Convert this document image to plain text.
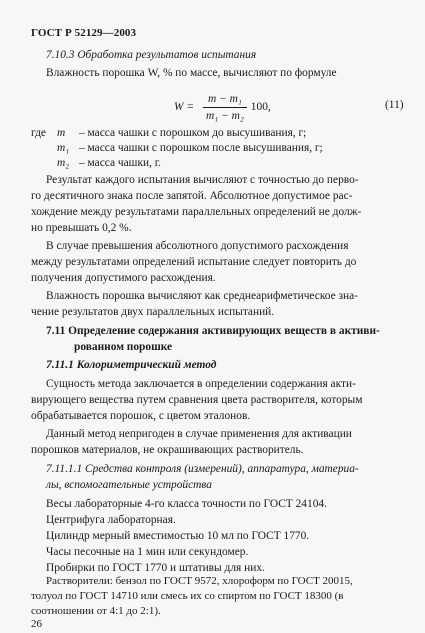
ГОСТ Р 52129—2003
7.10.3 Обработка результатов испытания
Влажность порошка W, % по массе, вычисляют по формуле
$W = \frac{\text{m − m₁}}{\text{m₁ − m₂}} 100$,	(11)
где m	– масса чашки с порошком до высушивания, г;
m₁ – масса чашки с порошком после высушивания, г;
m₂ – масса чашки, г.
Результат каждого испытания вычисляют с точностью до перво-
го десятичного знака после запятой. Абсолютное допустимое рас-
хождение между результатами параллельных определений не долж-
но превышать 0,2 %.
В случае превышения абсолютного допустимого расхождения
между результатами определений испытание следует повторить до
получения допустимого расхождения.
Влажность порошка вычисляют как среднеарифметическое зна-
чение результатов двух параллельных испытаний.
7.11 Определение содержания активирующих веществ в активи-
рованном порошке
7.11.1 Колориметрический метод
Сущность метода заключается в определении содержания акти-
вирующего вещества путем сравнения цвета растворителя, которым
обрабатывается порошок, с цветом эталонов.
Данный метод непригоден в случае применения для активации
порошков материалов, не окрашивающих растворитель.
7.11.1.1 Средства контроля (измерений), аппаратура, материа-
лы, вспомогательные устройства
Весы лабораторные 4-го класса точности по ГОСТ 24104.
Центрифуга лабораторная.
Цилиндр мерный вместимостью 10 мл по ГОСТ 1770.
Часы песочные на 1 мин или секундомер.
Пробирки по ГОСТ 1770 и штативы для них.
Растворители: бензол по ГОСТ 9572, хлороформ по ГОСТ 20015,
толуол по ГОСТ 14710 или смесь их со спиртом по ГОСТ 18300 (в
соотношении от 4:1 до 2:1).
26
